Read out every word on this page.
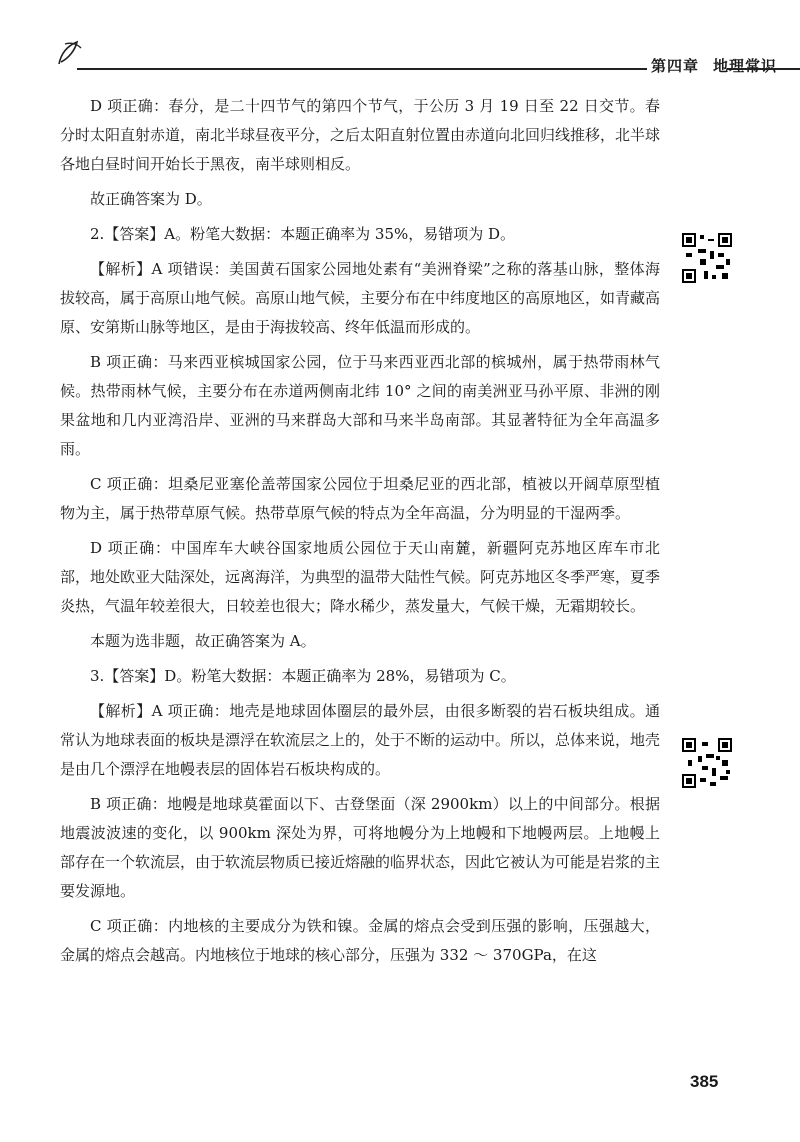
第四章 地理常识

D 项正确：春分，是二十四节气的第四个节气，于公历 3 月 19 日至 22 日交节。春分时太阳直射赤道，南北半球昼夜平分，之后太阳直射位置由赤道向北回归线推移，北半球各地白昼时间开始长于黑夜，南半球则相反。

故正确答案为 D。

2.【答案】A。粉笔大数据：本题正确率为 35%，易错项为 D。

【解析】A 项错误：美国黄石国家公园地处素有“美洲脊梁”之称的落基山脉，整体海拔较高，属于高原山地气候。高原山地气候，主要分布在中纬度地区的高原地区，如青藏高原、安第斯山脉等地区，是由于海拔较高、终年低温而形成的。

B 项正确：马来西亚槟城国家公园，位于马来西亚西北部的槟城州，属于热带雨林气候。热带雨林气候，主要分布在赤道两侧南北纬 10° 之间的南美洲亚马孙平原、非洲的刚果盆地和几内亚湾沿岸、亚洲的马来群岛大部和马来半岛南部。其显著特征为全年高温多雨。

C 项正确：坦桑尼亚塞伦盖蒂国家公园位于坦桑尼亚的西北部，植被以开阔草原型植物为主，属于热带草原气候。热带草原气候的特点为全年高温，分为明显的干湿两季。

D 项正确：中国库车大峡谷国家地质公园位于天山南麓，新疆阿克苏地区库车市北部，地处欧亚大陆深处，远离海洋，为典型的温带大陆性气候。阿克苏地区冬季严寒，夏季炎热，气温年较差很大，日较差也很大；降水稀少，蒸发量大，气候干燥，无霜期较长。

本题为选非题，故正确答案为 A。

3.【答案】D。粉笔大数据：本题正确率为 28%，易错项为 C。

【解析】A 项正确：地壳是地球固体圈层的最外层，由很多断裂的岩石板块组成。通常认为地球表面的板块是漂浮在软流层之上的，处于不断的运动中。所以，总体来说，地壳是由几个漂浮在地幔表层的固体岩石板块构成的。

B 项正确：地幔是地球莫霍面以下、古登堡面（深 2900km）以上的中间部分。根据地震波波速的变化，以 900km 深处为界，可将地幔分为上地幔和下地幔两层。上地幔上部存在一个软流层，由于软流层物质已接近熔融的临界状态，因此它被认为可能是岩浆的主要发源地。

C 项正确：内地核的主要成分为铁和镍。金属的熔点会受到压强的影响，压强越大，金属的熔点会越高。内地核位于地球的核心部分，压强为 332 ～ 370GPa，在这

385
